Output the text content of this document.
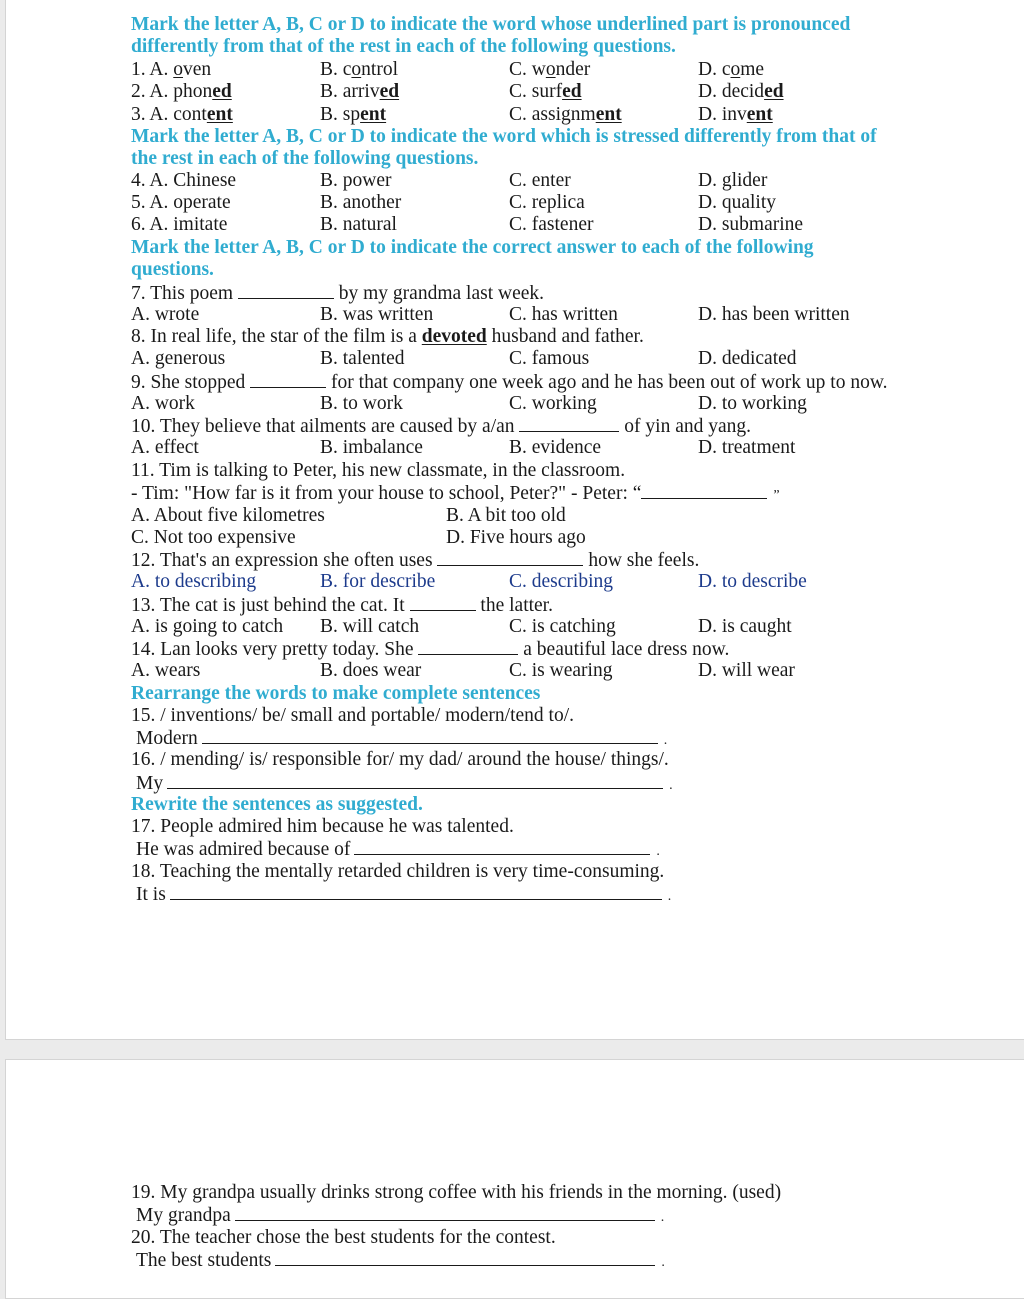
Mark the letter A, B, C or D to indicate the word whose underlined part is pronounced
differently from that of the rest in each of the following questions.
1. A. oven	B. control	C. wonder	D. come
2. A. phoned	B. arrived	C. surfed	D. decided
3. A. content	B. spent	C. assignment	D. invent
Mark the letter A, B, C or D to indicate the word which is stressed differently from that of
the rest in each of the following questions.
4. A. Chinese	B. power	C. enter	D. glider
5. A. operate	B. another	C. replica	D. quality
6. A. imitate	B. natural	C. fastener	D. submarine
Mark the letter A, B, C or D to indicate the correct answer to each of the following
questions.
7. This poem	by my grandma last week.
A. wrote	B. was written	C. has written	D. has been written
8. In real life, the star of the film is a devoted husband and father.
A. generous	B. talented	C. famous	D. dedicated
9. She stopped	for that company one week ago and he has been out of work up to now.
A. work	B. to work	C. working	D. to working
10. They believe that ailments are caused by a/an	of yin and yang.
A. effect	B. imbalance	B. evidence	D. treatment
11. Tim is talking to Peter, his new classmate, in the classroom.
- Tim: "How far is it from your house to school, Peter?" - Peter: “	”
A. About five kilometres	B. A bit too old
C. Not too expensive	D. Five hours ago
12. That's an expression she often uses	how she feels.
A. to describing	B. for describe	C. describing	D. to describe
13. The cat is just behind the cat. It	the latter.
A. is going to catch B. will catch	C. is catching	D. is caught
14. Lan looks very pretty today. She	a beautiful lace dress now.
A. wears	B. does wear	C. is wearing	D. will wear
Rearrange the words to make complete sentences
15. / inventions/ be/ small and portable/ modern/tend to/.
Modern	.
16. / mending/ is/ responsible for/ my dad/ around the house/ things/.
My	.
Rewrite the sentences as suggested.
17. People admired him because he was talented.
He was admired because of	.
18. Teaching the mentally retarded children is very time-consuming.
It is	.
19. My grandpa usually drinks strong coffee with his friends in the morning. (used)
My grandpa	.
20. The teacher chose the best students for the contest.
The best students	.
